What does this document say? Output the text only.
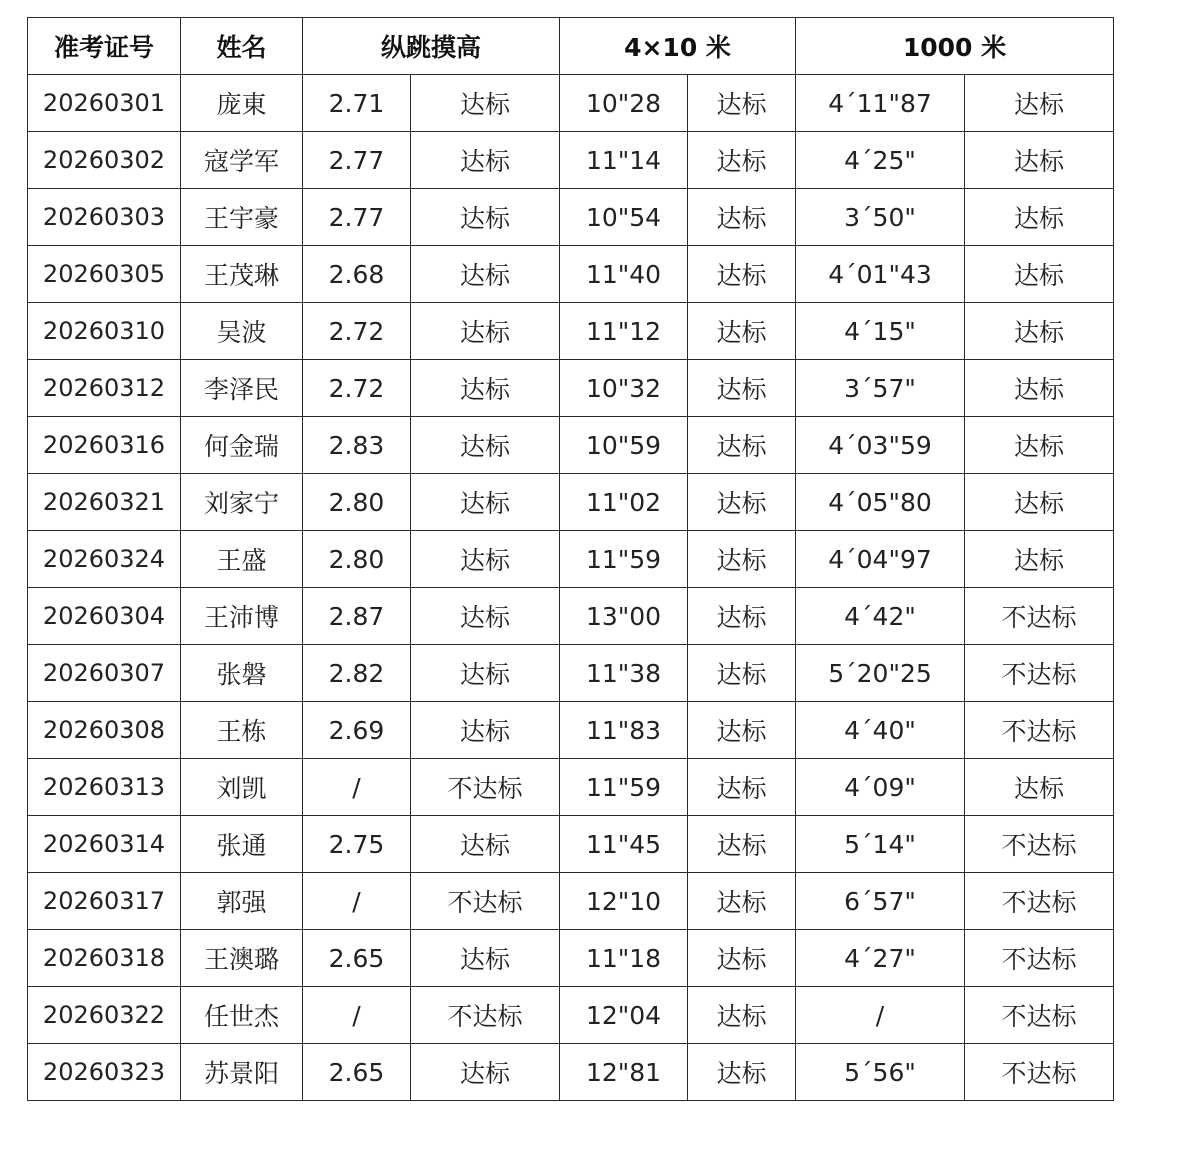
准考证号	姓名	纵跳摸高		4×10 米		1000 米	
20260301	庞東	2.71	达标	10"28	达标	4´11"87	达标
20260302	寇学军	2.77	达标	11"14	达标	4´25"	达标
20260303	王宇豪	2.77	达标	10"54	达标	3´50"	达标
20260305	王茂琳	2.68	达标	11"40	达标	4´01"43	达标
20260310	吴波	2.72	达标	11"12	达标	4´15"	达标
20260312	李泽民	2.72	达标	10"32	达标	3´57"	达标
20260316	何金瑞	2.83	达标	10"59	达标	4´03"59	达标
20260321	刘家宁	2.80	达标	11"02	达标	4´05"80	达标
20260324	王盛	2.80	达标	11"59	达标	4´04"97	达标
20260304	王沛博	2.87	达标	13"00	达标	4´42"	不达标
20260307	张磐	2.82	达标	11"38	达标	5´20"25	不达标
20260308	王栋	2.69	达标	11"83	达标	4´40"	不达标
20260313	刘凯	/	不达标	11"59	达标	4´09"	达标
20260314	张通	2.75	达标	11"45	达标	5´14"	不达标
20260317	郭强	/	不达标	12"10	达标	6´57"	不达标
20260318	王澳璐	2.65	达标	11"18	达标	4´27"	不达标
20260322	任世杰	/	不达标	12"04	达标	/	不达标
20260323	苏景阳	2.65	达标	12"81	达标	5´56"	不达标
